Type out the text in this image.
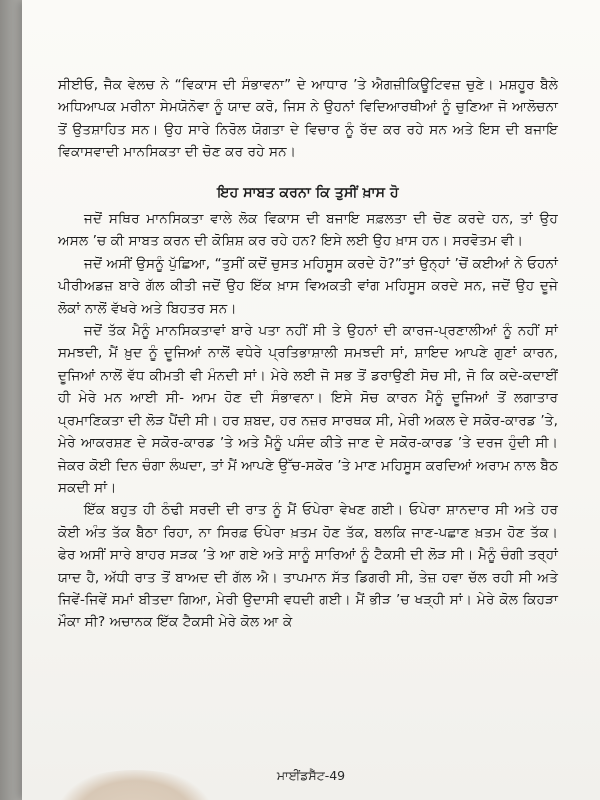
ਸੀਈਓ, ਜੈਕ ਵੇਲਚ ਨੇ “ਵਿਕਾਸ ਦੀ ਸੰਭਾਵਨਾ” ਦੇ ਆਧਾਰ ’ਤੇ ਐਗਜ਼ੀਕਿਊਟਿਵਜ਼ ਚੁਣੇ। ਮਸ਼ਹੂਰ ਬੈਲੇ ਅਧਿਆਪਕ ਮਰੀਨਾ ਸੇਮਯੋਨੋਵਾ ਨੂੰ ਯਾਦ ਕਰੋ, ਜਿਸ ਨੇ ਉਹਨਾਂ ਵਿਦਿਆਰਥੀਆਂ ਨੂੰ ਚੁਣਿਆ ਜੋ ਆਲੋਚਨਾ ਤੋਂ ਉਤਸ਼ਾਹਿਤ ਸਨ। ਉਹ ਸਾਰੇ ਨਿਰੋਲ ਯੋਗਤਾ ਦੇ ਵਿਚਾਰ ਨੂੰ ਰੱਦ ਕਰ ਰਹੇ ਸਨ ਅਤੇ ਇਸ ਦੀ ਬਜਾਇ ਵਿਕਾਸਵਾਦੀ ਮਾਨਸਿਕਤਾ ਦੀ ਚੋਣ ਕਰ ਰਹੇ ਸਨ।

ਇਹ ਸਾਬਤ ਕਰਨਾ ਕਿ ਤੁਸੀਂ ਖ਼ਾਸ ਹੋ

ਜਦੋਂ ਸਥਿਰ ਮਾਨਸਿਕਤਾ ਵਾਲੇ ਲੋਕ ਵਿਕਾਸ ਦੀ ਬਜਾਇ ਸਫ਼ਲਤਾ ਦੀ ਚੋਣ ਕਰਦੇ ਹਨ, ਤਾਂ ਉਹ ਅਸਲ ’ਚ ਕੀ ਸਾਬਤ ਕਰਨ ਦੀ ਕੋਸ਼ਿਸ਼ ਕਰ ਰਹੇ ਹਨ? ਇਸੇ ਲਈ ਉਹ ਖ਼ਾਸ ਹਨ। ਸਰਵੋਤਮ ਵੀ।

ਜਦੋਂ ਅਸੀਂ ਉਸਨੂੰ ਪੁੱਛਿਆ, “ਤੁਸੀਂ ਕਦੋਂ ਚੁਸਤ ਮਹਿਸੂਸ ਕਰਦੇ ਹੋ?”ਤਾਂ ਉਨ੍ਹਾਂ ’ਚੋਂ ਕਈਆਂ ਨੇ ਓਹਨਾਂ ਪੀਰੀਅਡਜ਼ ਬਾਰੇ ਗੱਲ ਕੀਤੀ ਜਦੋਂ ਉਹ ਇੱਕ ਖ਼ਾਸ ਵਿਅਕਤੀ ਵਾਂਗ ਮਹਿਸੂਸ ਕਰਦੇ ਸਨ, ਜਦੋਂ ਉਹ ਦੂਜੇ ਲੋਕਾਂ ਨਾਲੋਂ ਵੱਖਰੇ ਅਤੇ ਬਿਹਤਰ ਸਨ।

ਜਦੋਂ ਤੱਕ ਮੈਨੂੰ ਮਾਨਸਿਕਤਾਵਾਂ ਬਾਰੇ ਪਤਾ ਨਹੀਂ ਸੀ ਤੇ ਉਹਨਾਂ ਦੀ ਕਾਰਜ-ਪ੍ਰਣਾਲੀਆਂ ਨੂੰ ਨਹੀਂ ਸਾਂ ਸਮਝਦੀ, ਮੈਂ ਖ਼ੁਦ ਨੂੰ ਦੂਜਿਆਂ ਨਾਲੋਂ ਵਧੇਰੇ ਪ੍ਰਤਿਭਾਸ਼ਾਲੀ ਸਮਝਦੀ ਸਾਂ, ਸ਼ਾਇਦ ਆਪਣੇ ਗੁਣਾਂ ਕਾਰਨ, ਦੂਜਿਆਂ ਨਾਲੋਂ ਵੱਧ ਕੀਮਤੀ ਵੀ ਮੰਨਦੀ ਸਾਂ। ਮੇਰੇ ਲਈ ਜੋ ਸਭ ਤੋਂ ਡਰਾਉਣੀ ਸੋਚ ਸੀ, ਜੋ ਕਿ ਕਦੇ-ਕਦਾਈਂ ਹੀ ਮੇਰੇ ਮਨ ਆਈ ਸੀ- ਆਮ ਹੋਣ ਦੀ ਸੰਭਾਵਨਾ। ਇਸੇ ਸੋਚ ਕਾਰਨ ਮੈਨੂੰ ਦੂਜਿਆਂ ਤੋਂ ਲਗਾਤਾਰ ਪ੍ਰਮਾਣਿਕਤਾ ਦੀ ਲੋੜ ਪੈਂਦੀ ਸੀ। ਹਰ ਸ਼ਬਦ, ਹਰ ਨਜ਼ਰ ਸਾਰਥਕ ਸੀ, ਮੇਰੀ ਅਕਲ ਦੇ ਸਕੋਰ-ਕਾਰਡ ’ਤੇ, ਮੇਰੇ ਆਕਰਸ਼ਣ ਦੇ ਸਕੋਰ-ਕਾਰਡ ’ਤੇ ਅਤੇ ਮੈਨੂੰ ਪਸੰਦ ਕੀਤੇ ਜਾਣ ਦੇ ਸਕੋਰ-ਕਾਰਡ ’ਤੇ ਦਰਜ ਹੁੰਦੀ ਸੀ। ਜੇਕਰ ਕੋਈ ਦਿਨ ਚੰਗਾ ਲੰਘਦਾ, ਤਾਂ ਮੈਂ ਆਪਣੇ ਉੱਚ-ਸਕੋਰ ’ਤੇ ਮਾਣ ਮਹਿਸੂਸ ਕਰਦਿਆਂ ਅਰਾਮ ਨਾਲ ਬੈਠ ਸਕਦੀ ਸਾਂ।

ਇੱਕ ਬਹੁਤ ਹੀ ਠੰਢੀ ਸਰਦੀ ਦੀ ਰਾਤ ਨੂੰ ਮੈਂ ਓਪੇਰਾ ਵੇਖਣ ਗਈ। ਓਪੇਰਾ ਸ਼ਾਨਦਾਰ ਸੀ ਅਤੇ ਹਰ ਕੋਈ ਅੰਤ ਤੱਕ ਬੈਠਾ ਰਿਹਾ, ਨਾ ਸਿਰਫ਼ ਓਪੇਰਾ ਖ਼ਤਮ ਹੋਣ ਤੱਕ, ਬਲਕਿ ਜਾਣ-ਪਛਾਣ ਖ਼ਤਮ ਹੋਣ ਤੱਕ। ਫੇਰ ਅਸੀਂ ਸਾਰੇ ਬਾਹਰ ਸੜਕ ’ਤੇ ਆ ਗਏ ਅਤੇ ਸਾਨੂੰ ਸਾਰਿਆਂ ਨੂੰ ਟੈਕਸੀ ਦੀ ਲੋੜ ਸੀ। ਮੈਨੂੰ ਚੰਗੀ ਤਰ੍ਹਾਂ ਯਾਦ ਹੈ, ਅੱਧੀ ਰਾਤ ਤੋਂ ਬਾਅਦ ਦੀ ਗੱਲ ਐ। ਤਾਪਮਾਨ ਸੱਤ ਡਿਗਰੀ ਸੀ, ਤੇਜ਼ ਹਵਾ ਚੱਲ ਰਹੀ ਸੀ ਅਤੇ ਜਿਵੇਂ-ਜਿਵੇਂ ਸਮਾਂ ਬੀਤਦਾ ਗਿਆ, ਮੇਰੀ ਉਦਾਸੀ ਵਧਦੀ ਗਈ। ਮੈਂ ਭੀੜ ’ਚ ਖੜ੍ਹੀ ਸਾਂ। ਮੇਰੇ ਕੋਲ ਕਿਹੜਾ ਮੌਕਾ ਸੀ? ਅਚਾਨਕ ਇੱਕ ਟੈਕਸੀ ਮੇਰੇ ਕੋਲ ਆ ਕੇ

ਮਾਈਂਡਸੈੱਟ-49
